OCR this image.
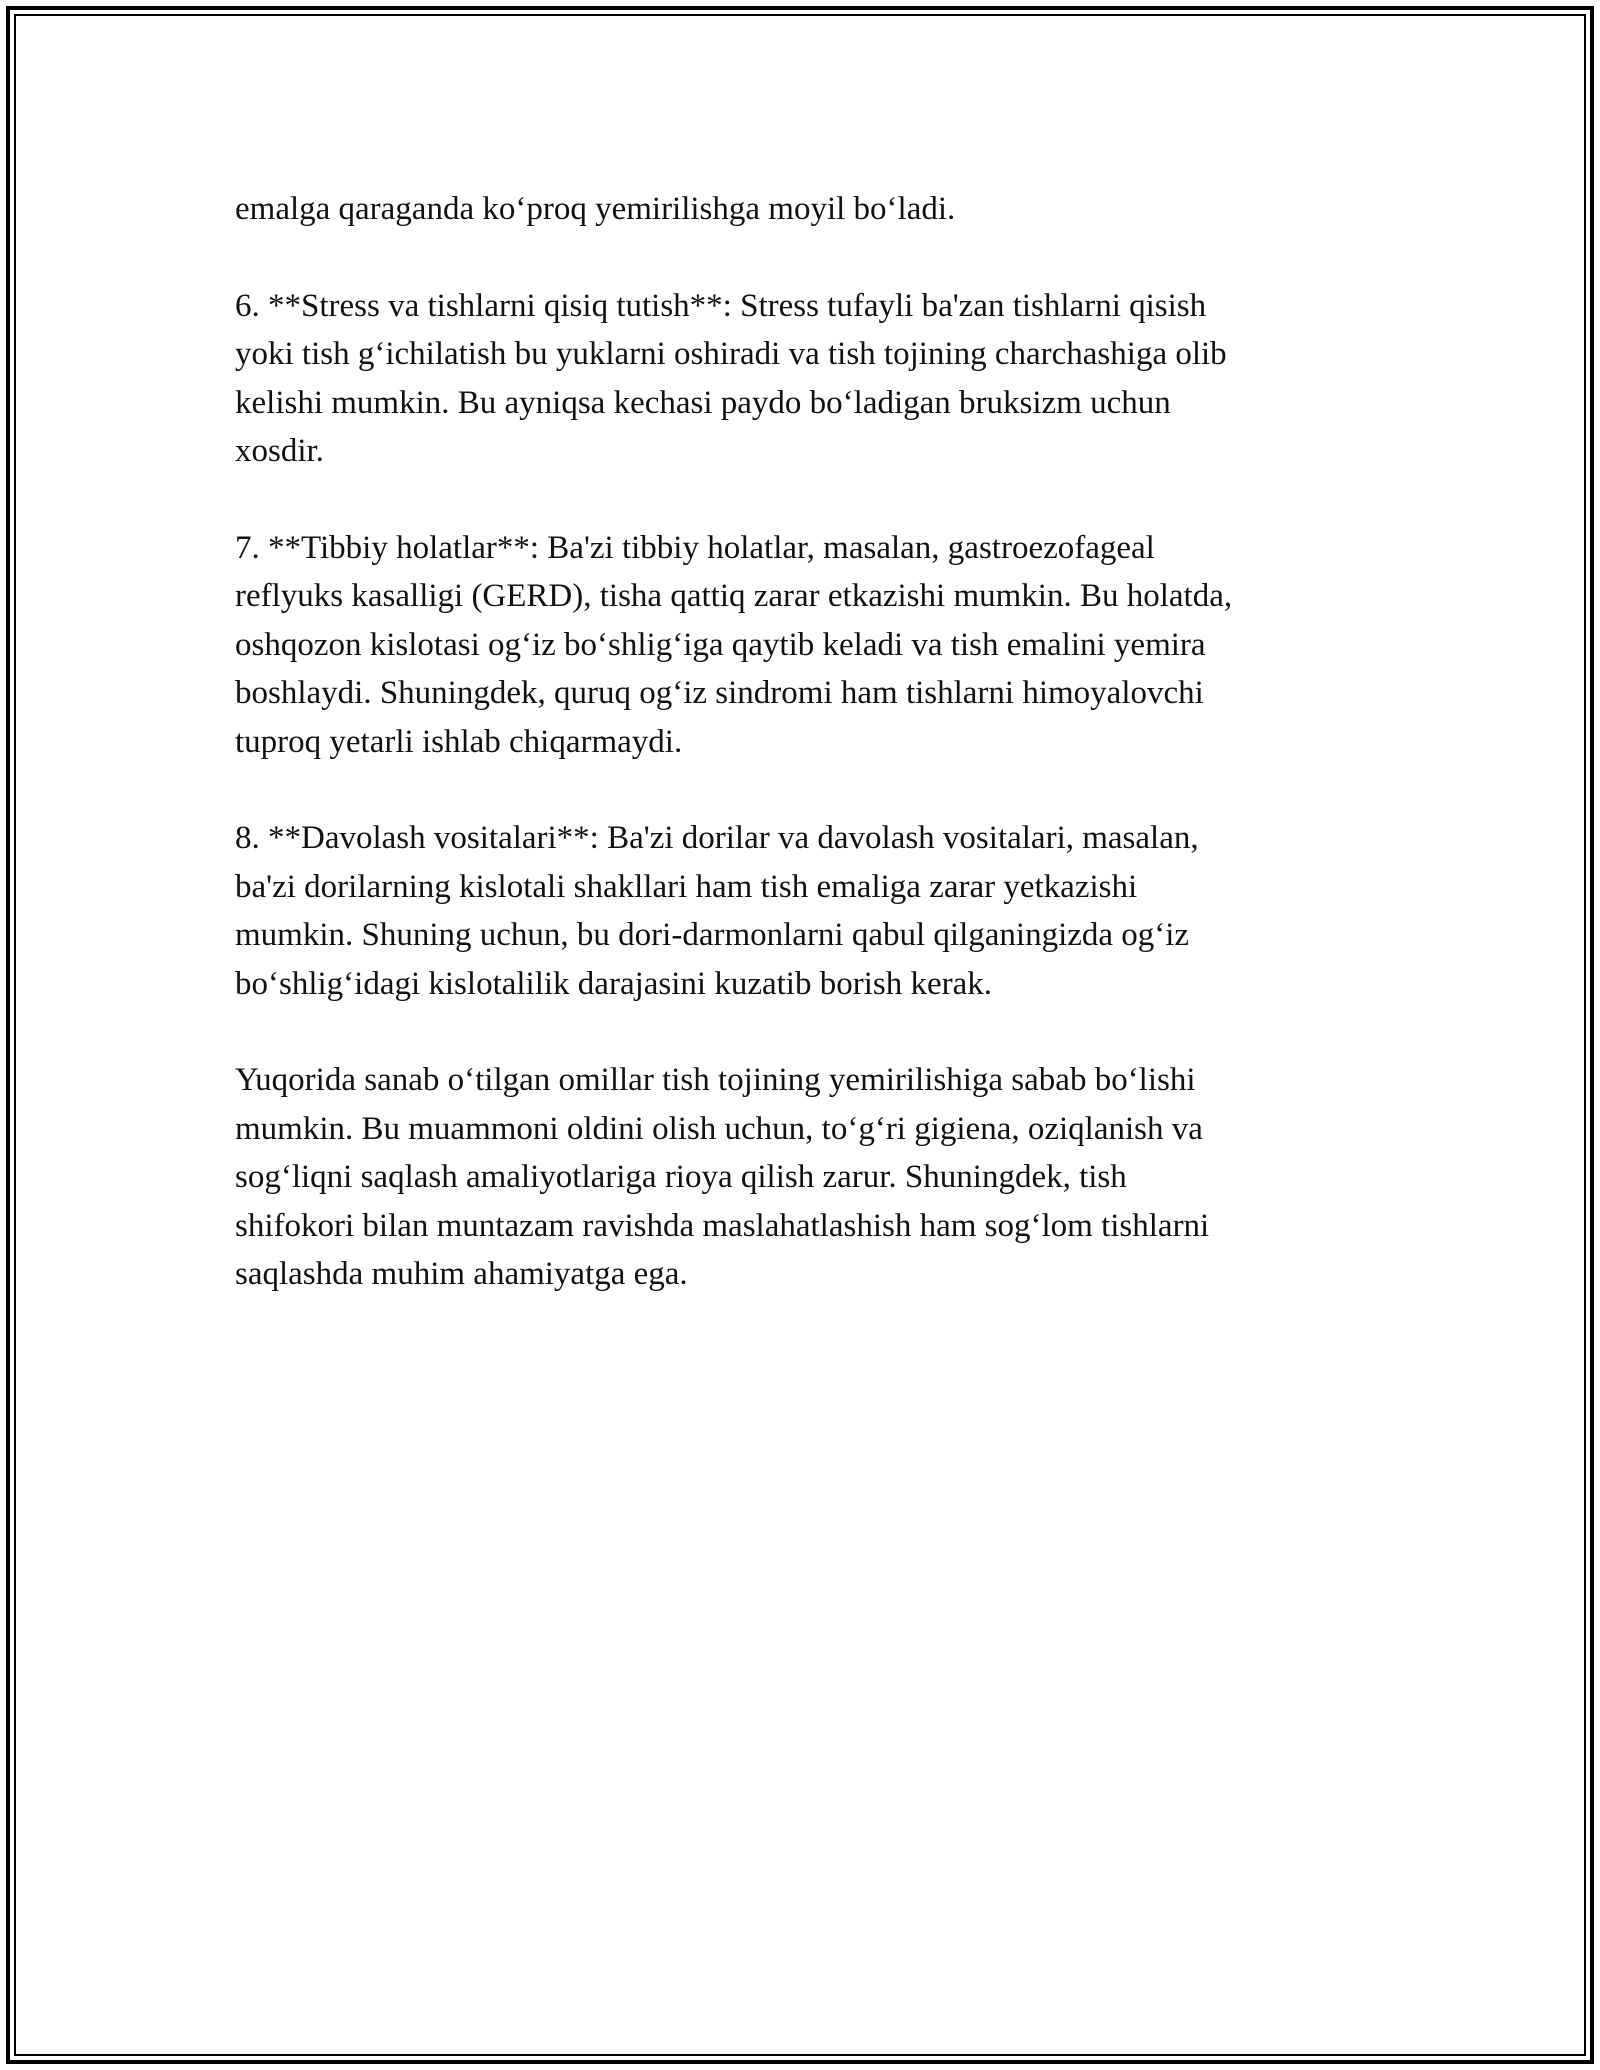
emalga qaraganda ko‘proq yemirilishga moyil bo‘ladi.

6. **Stress va tishlarni qisiq tutish**: Stress tufayli ba'zan tishlarni qisish
yoki tish g‘ichilatish bu yuklarni oshiradi va tish tojining charchashiga olib
kelishi mumkin. Bu ayniqsa kechasi paydo bo‘ladigan bruksizm uchun
xosdir.

7. **Tibbiy holatlar**: Ba'zi tibbiy holatlar, masalan, gastroezofageal
reflyuks kasalligi (GERD), tisha qattiq zarar etkazishi mumkin. Bu holatda,
oshqozon kislotasi og‘iz bo‘shlig‘iga qaytib keladi va tish emalini yemira
boshlaydi. Shuningdek, quruq og‘iz sindromi ham tishlarni himoyalovchi
tuproq yetarli ishlab chiqarmaydi.

8. **Davolash vositalari**: Ba'zi dorilar va davolash vositalari, masalan,
ba'zi dorilarning kislotali shakllari ham tish emaliga zarar yetkazishi
mumkin. Shuning uchun, bu dori-darmonlarni qabul qilganingizda og‘iz
bo‘shlig‘idagi kislotalilik darajasini kuzatib borish kerak.

Yuqorida sanab o‘tilgan omillar tish tojining yemirilishiga sabab bo‘lishi
mumkin. Bu muammoni oldini olish uchun, to‘g‘ri gigiena, oziqlanish va
sog‘liqni saqlash amaliyotlariga rioya qilish zarur. Shuningdek, tish
shifokori bilan muntazam ravishda maslahatlashish ham sog‘lom tishlarni
saqlashda muhim ahamiyatga ega.
